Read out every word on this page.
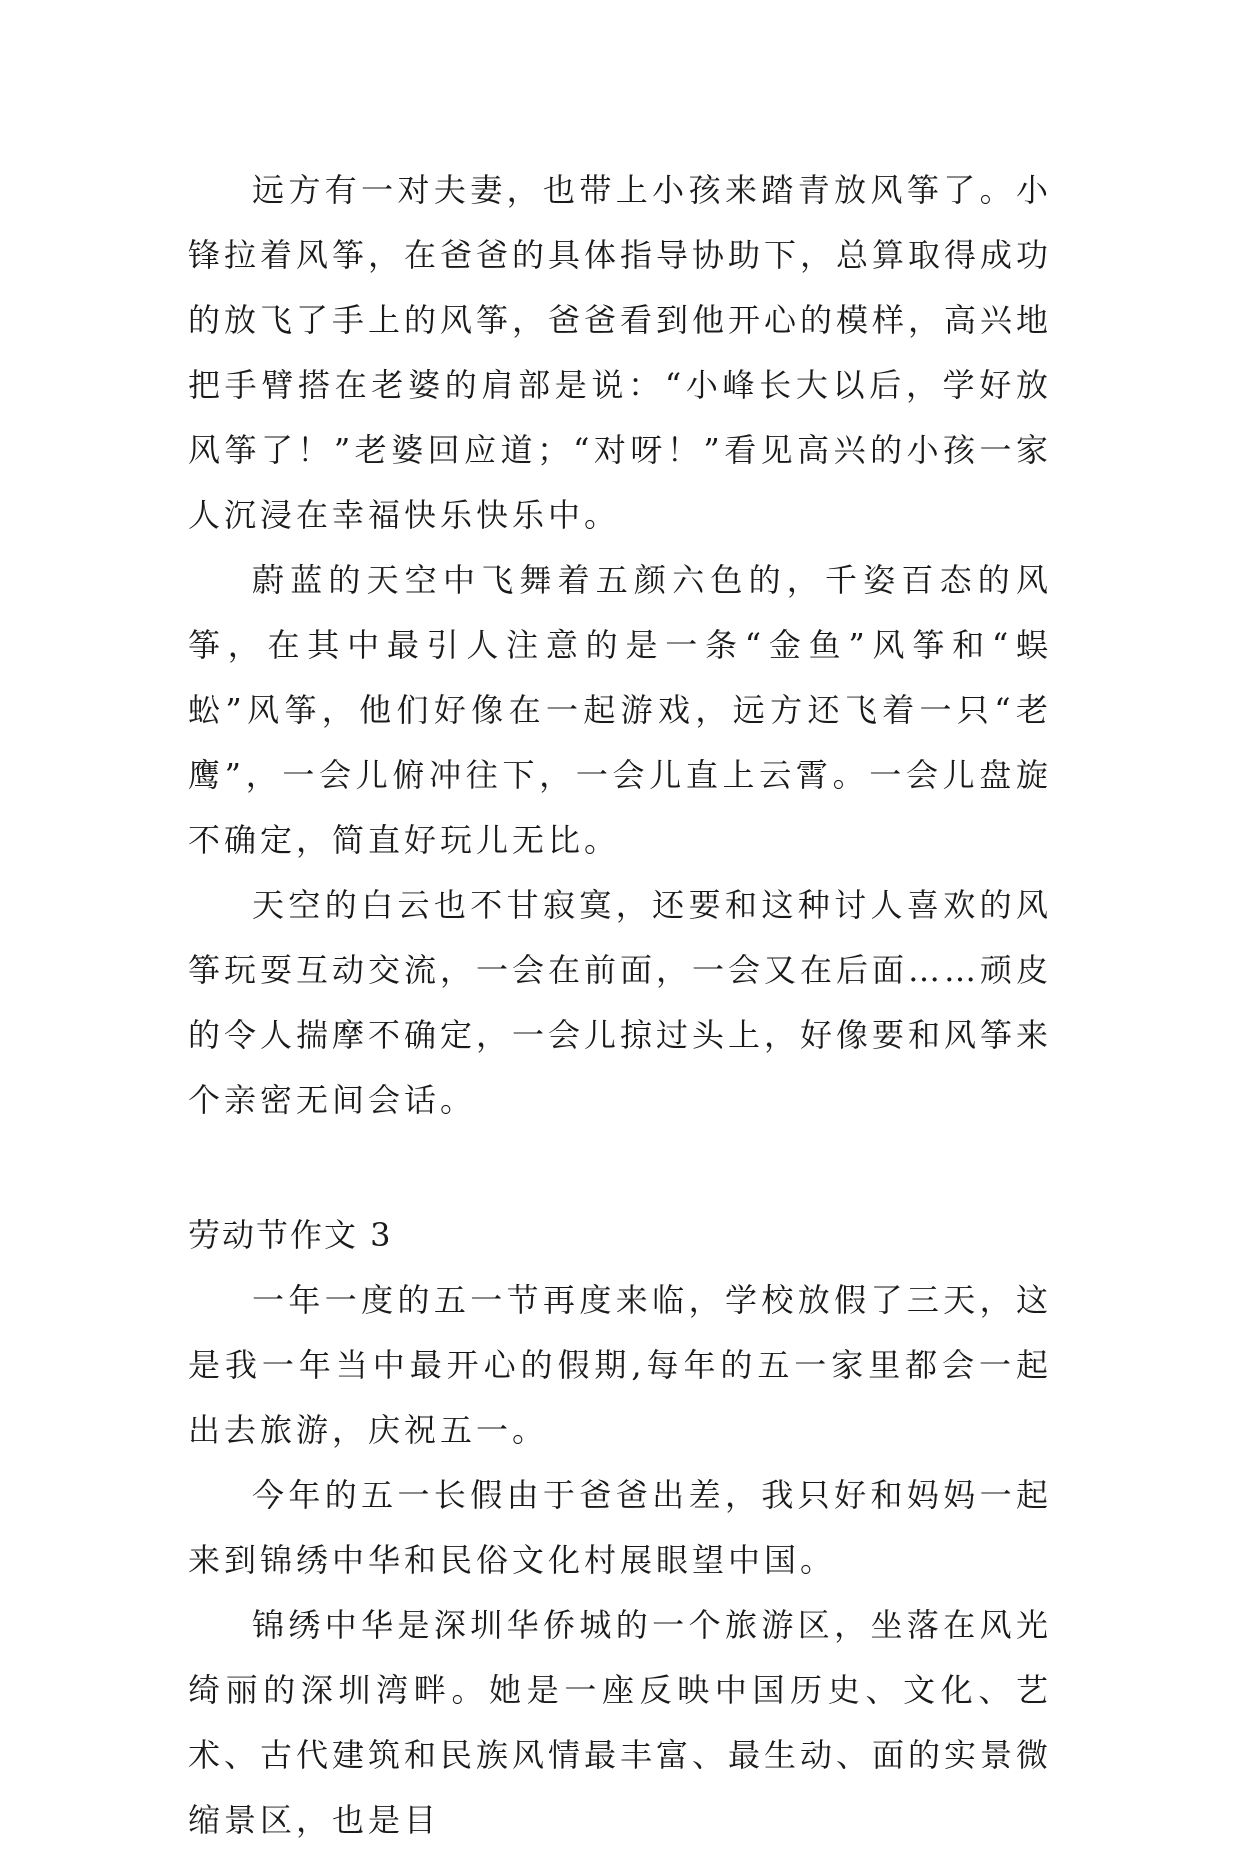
远方有一对夫妻，也带上小孩来踏青放风筝了。小锋拉着风筝，在爸爸的具体指导协助下，总算取得成功的放飞了手上的风筝，爸爸看到他开心的模样，高兴地把手臂搭在老婆的肩部是说：“小峰长大以后，学好放风筝了！”老婆回应道；“对呀！”看见高兴的小孩一家人沉浸在幸福快乐快乐中。

蔚蓝的天空中飞舞着五颜六色的，千姿百态的风筝，在其中最引人注意的是一条“金鱼”风筝和“蜈蚣”风筝，他们好像在一起游戏，远方还飞着一只“老鹰”，一会儿俯冲往下，一会儿直上云霄。一会儿盘旋不确定，简直好玩儿无比。

天空的白云也不甘寂寞，还要和这种讨人喜欢的风筝玩耍互动交流，一会在前面，一会又在后面……顽皮的令人揣摩不确定，一会儿掠过头上，好像要和风筝来个亲密无间会话。

劳动节作文 3

一年一度的五一节再度来临，学校放假了三天，这是我一年当中最开心的假期,每年的五一家里都会一起出去旅游，庆祝五一。

今年的五一长假由于爸爸出差，我只好和妈妈一起来到锦绣中华和民俗文化村展眼望中国。

锦绣中华是深圳华侨城的一个旅游区，坐落在风光绮丽的深圳湾畔。她是一座反映中国历史、文化、艺术、古代建筑和民族风情最丰富、最生动、面的实景微缩景区，也是目
